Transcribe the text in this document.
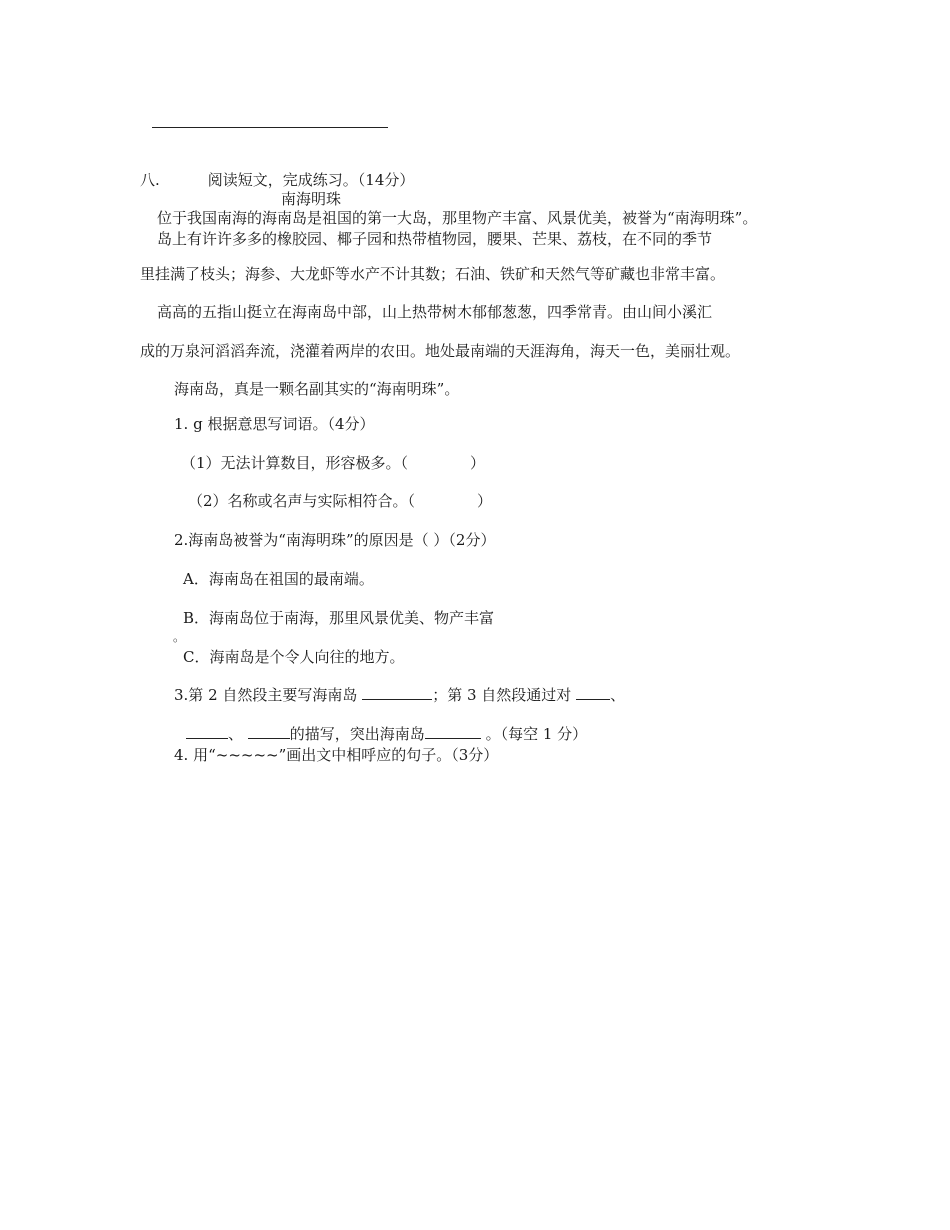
八.	阅读短文，完成练习。（14分）
南海明珠
位于我国南海的海南岛是祖国的第一大岛，那里物产丰富、风景优美，被誉为“南海明珠”。
岛上有许许多多的橡胶园、椰子园和热带植物园，腰果、芒果、荔枝，在不同的季节
里挂满了枝头；海参、大龙虾等水产不计其数；石油、铁矿和天然气等矿藏也非常丰富。
高高的五指山挺立在海南岛中部，山上热带树木郁郁葱葱，四季常青。由山间小溪汇
成的万泉河滔滔奔流，浇灌着两岸的农田。地处最南端的天涯海角，海天一色，美丽壮观。
海南岛，真是一颗名副其实的“海南明珠”。
1. g 根据意思写词语。（4分）
（1）无法计算数目，形容极多。（	）
（2）名称或名声与实际相符合。（	）
2.海南岛被誉为“南海明珠”的原因是（ ）（2分）
A．海南岛在祖国的最南端。
B．海南岛位于南海，那里风景优美、物产丰富
。
C．海南岛是个令人向往的地方。
3.第 2 自然段主要写海南岛	；第 3 自然段通过对	、
、	的描写，突出海南岛	。（每空 1 分）
4. 用“~~~~~”画出文中相呼应的句子。（3分）
